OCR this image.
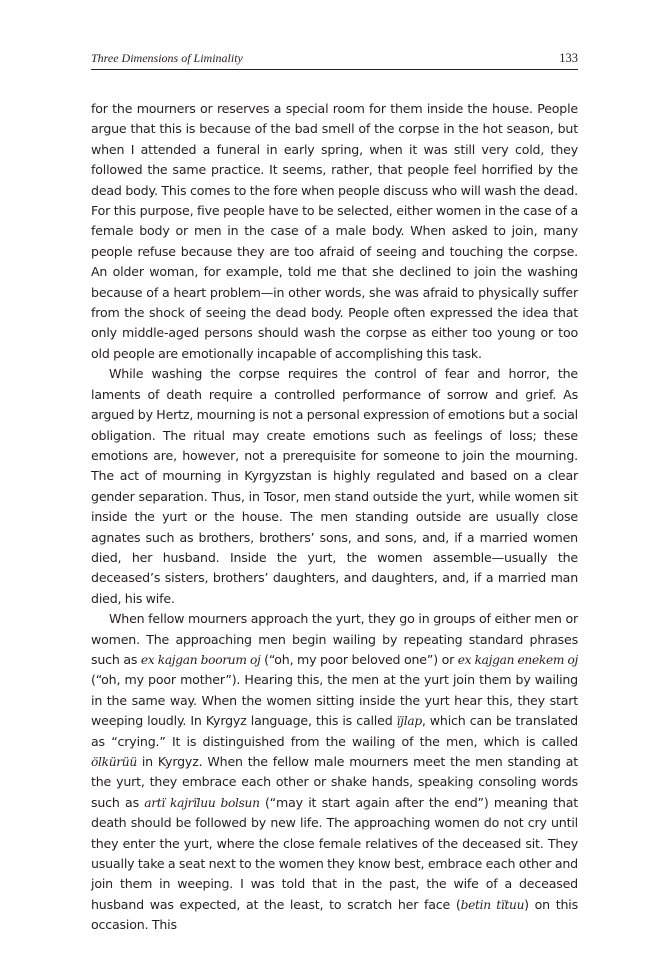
Three Dimensions of Liminality	133

for the mourners or reserves a special room for them inside the house. People argue that this is because of the bad smell of the corpse in the hot season, but when I attended a funeral in early spring, when it was still very cold, they followed the same practice. It seems, rather, that people feel horrified by the dead body. This comes to the fore when people discuss who will wash the dead. For this purpose, five people have to be selected, either women in the case of a female body or men in the case of a male body. When asked to join, many people refuse because they are too afraid of seeing and touching the corpse. An older woman, for example, told me that she declined to join the washing because of a heart problem—in other words, she was afraid to physically suffer from the shock of seeing the dead body. People often expressed the idea that only middle-aged persons should wash the corpse as either too young or too old people are emotionally incapable of accomplishing this task.

While washing the corpse requires the control of fear and horror, the laments of death require a controlled performance of sorrow and grief. As argued by Hertz, mourning is not a personal expression of emotions but a social obligation. The ritual may create emotions such as feelings of loss; these emotions are, however, not a prerequisite for someone to join the mourning. The act of mourning in Kyrgyzstan is highly regulated and based on a clear gender separation. Thus, in Tosor, men stand outside the yurt, while women sit inside the yurt or the house. The men standing outside are usually close agnates such as brothers, brothers’ sons, and sons, and, if a married women died, her husband. Inside the yurt, the women assemble—usually the deceased’s sisters, brothers’ daughters, and daughters, and, if a married man died, his wife.

When fellow mourners approach the yurt, they go in groups of either men or women. The approaching men begin wailing by repeating standard phrases such as ex kajgan boorum oj (“oh, my poor beloved one”) or ex kajgan enekem oj (“oh, my poor mother”). Hearing this, the men at the yurt join them by wailing in the same way. When the women sitting inside the yurt hear this, they start weeping loudly. In Kyrgyz language, this is called ïjlap, which can be translated as “crying.” It is distinguished from the wailing of the men, which is called ölkürüü in Kyrgyz. When the fellow male mourners meet the men standing at the yurt, they embrace each other or shake hands, speaking consoling words such as artï kajrïluu bolsun (“may it start again after the end”) meaning that death should be followed by new life. The approaching women do not cry until they enter the yurt, where the close female relatives of the deceased sit. They usually take a seat next to the women they know best, embrace each other and join them in weeping. I was told that in the past, the wife of a deceased husband was expected, at the least, to scratch her face (betin tïtuu) on this occasion. This
